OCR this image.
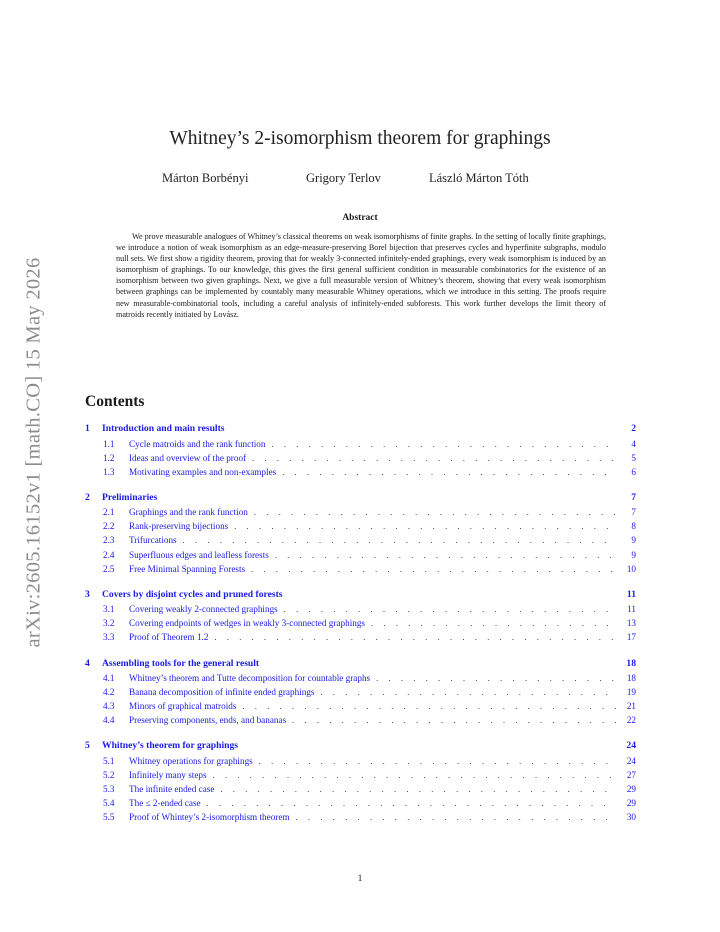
arXiv:2605.16152v1 [math.CO] 15 May 2026
Whitney’s 2-isomorphism theorem for graphings
Márton Borbényi	Grigory Terlov	László Márton Tóth
Abstract

We prove measurable analogues of Whitney’s classical theorems on weak isomorphisms of finite graphs. In the setting of locally finite graphings, we introduce a notion of weak isomorphism as an edge-measure-preserving Borel bijection that preserves cycles and hyperfinite subgraphs, modulo null sets. We first show a rigidity theorem, proving that for weakly 3-connected infinitely-ended graphings, every weak isomorphism is induced by an isomorphism of graphings. To our knowledge, this gives the first general sufficient condition in measurable combinatorics for the existence of an isomorphism between two given graphings. Next, we give a full measurable version of Whitney’s theorem, showing that every weak isomorphism between graphings can be implemented by countably many measurable Whitney operations, which we introduce in this setting. The proofs require new measurable-combinatorial tools, including a careful analysis of infinitely-ended subforests. This work further develops the limit theory of matroids recently initiated by Lovász.

Contents
1	Introduction and main results	2
1.1	Cycle matroids and the rank function . . .	4
1.2	Ideas and overview of the proof . . .	5
1.3	Motivating examples and non-examples . . .	6
2	Preliminaries	7
2.1	Graphings and the rank function . . .	7
2.2	Rank-preserving bijections . . .	8
2.3	Trifurcations . . .	9
2.4	Superfluous edges and leafless forests . . .	9
2.5	Free Minimal Spanning Forests . . .	10
3	Covers by disjoint cycles and pruned forests	11
3.1	Covering weakly 2-connected graphings . . .	11
3.2	Covering endpoints of wedges in weakly 3-connected graphings . . .	13
3.3	Proof of Theorem 1.2 . . .	17
4	Assembling tools for the general result	18
4.1	Whitney’s theorem and Tutte decomposition for countable graphs . . .	18
4.2	Banana decomposition of infinite ended graphings . . .	19
4.3	Minors of graphical matroids . . .	21
4.4	Preserving components, ends, and bananas . . .	22
5	Whitney’s theorem for graphings	24
5.1	Whitney operations for graphings . . .	24
5.2	Infinitely many steps . . .	27
5.3	The infinite ended case . . .	29
5.4	The ≤ 2-ended case . . .	29
5.5	Proof of Whintey’s 2-isomorphism theorem . . .	30
1
